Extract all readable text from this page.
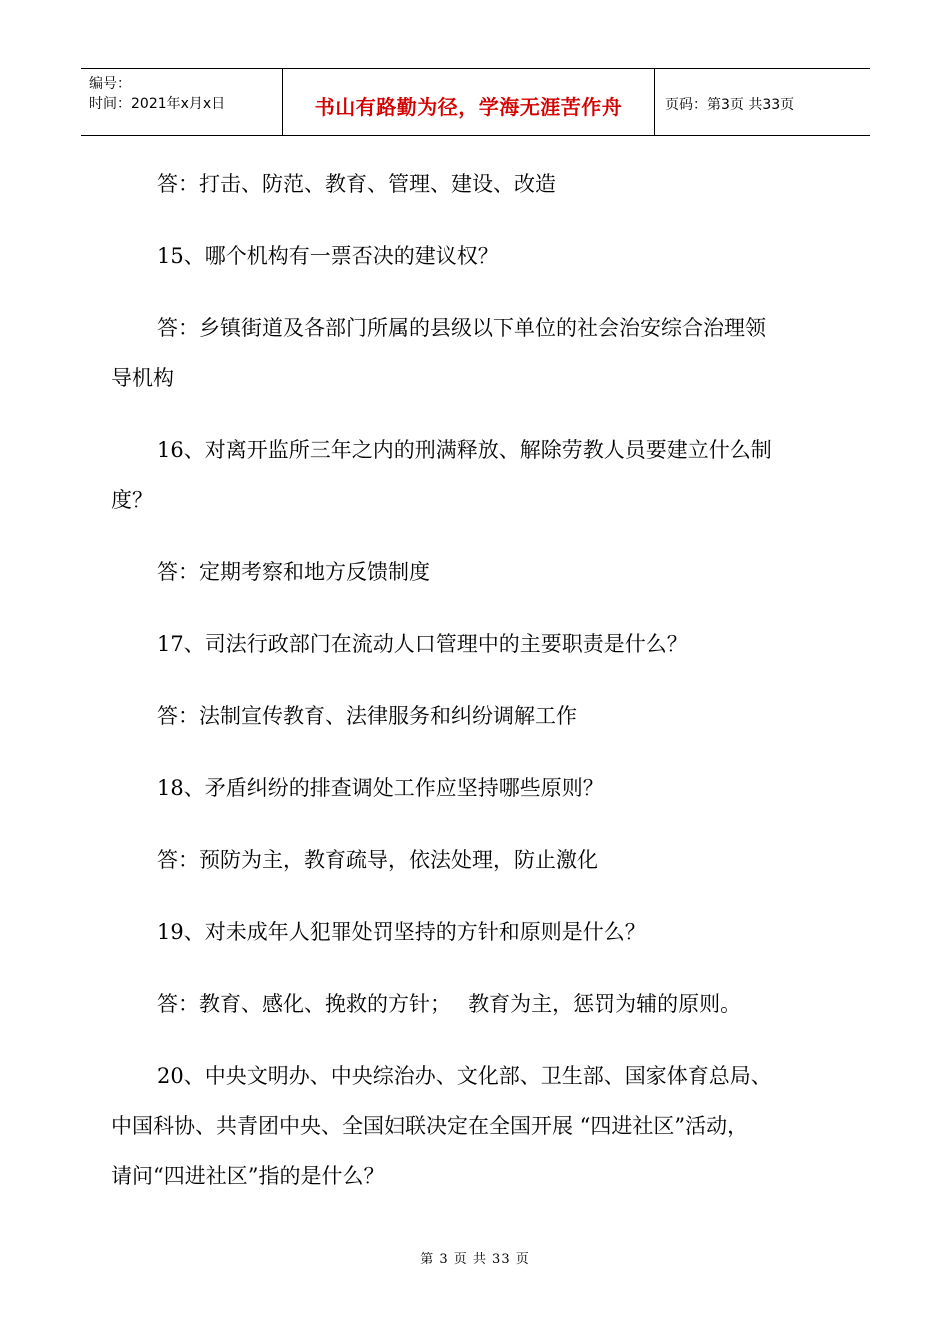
编号：
时间：2021年x月x日	书山有路勤为径，学海无涯苦作舟	页码：第3页 共33页
答：打击、防范、教育、管理、建设、改造
15、哪个机构有一票否决的建议权？
答：乡镇街道及各部门所属的县级以下单位的社会治安综合治理领
导机构
16、对离开监所三年之内的刑满释放、解除劳教人员要建立什么制
度？
答：定期考察和地方反馈制度
17、司法行政部门在流动人口管理中的主要职责是什么？
答：法制宣传教育、法律服务和纠纷调解工作
18、矛盾纠纷的排查调处工作应坚持哪些原则？
答：预防为主，教育疏导，依法处理，防止激化
19、对未成年人犯罪处罚坚持的方针和原则是什么？
答：教育、感化、挽救的方针；　 教育为主，惩罚为辅的原则。
20、中央文明办、中央综治办、文化部、卫生部、国家体育总局、
中国科协、共青团中央、全国妇联决定在全国开展 “四进社区”活动，
请问“四进社区”指的是什么？
第 3 页 共 33 页
